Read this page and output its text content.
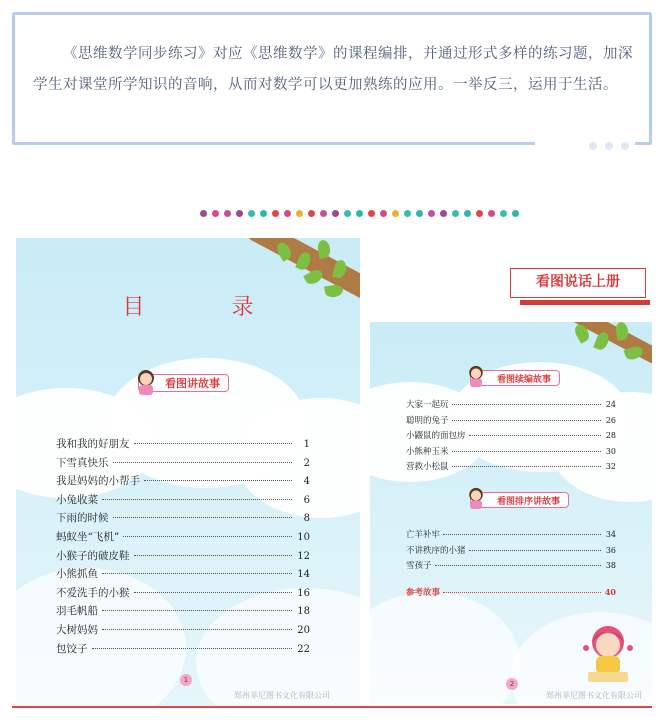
《思维数学同步练习》对应《思维数学》的课程编排，并通过形式多样的练习题，加深学生对课堂所学知识的音响，从而对数学可以更加熟练的应用。一举反三，运用于生活。

目 录
看图讲故事
我和我的好朋友	1
下雪真快乐	2
我是妈妈的小帮手	4
小兔收菜	6
下雨的时候	8
蚂蚁坐“飞机”	10
小猴子的破皮鞋	12
小熊抓鱼	14
不爱洗手的小猴	16
羽毛帆船	18
大树妈妈	20
包饺子	22
1
郑州菲尼图书文化有限公司
看图说话上册
看图续编故事
大家一起玩	24
聪明的兔子	26
小鼹鼠的面包房	28
小熊种玉米	30
营救小松鼠	32
看图排序讲故事
亡羊补牢	34
不讲秩序的小猪	36
雪孩子	38
参考故事	40
2
郑州菲尼图书文化有限公司
